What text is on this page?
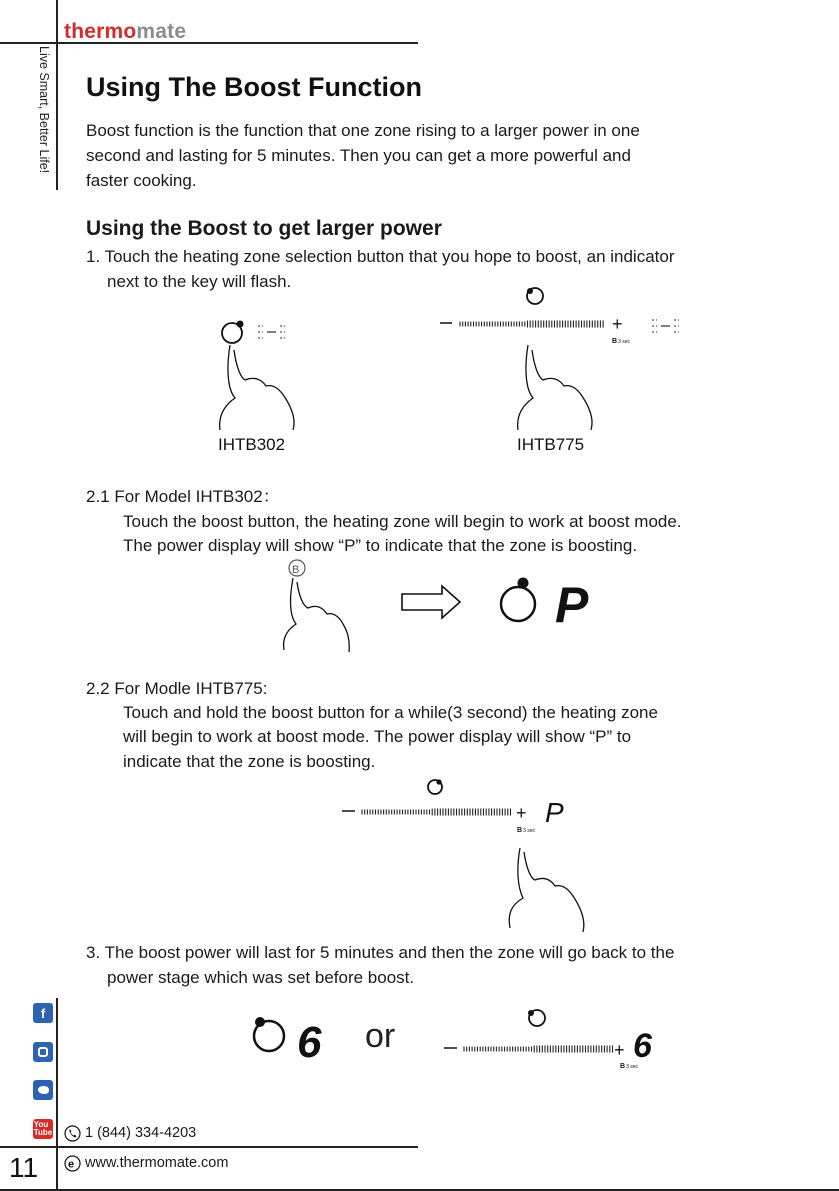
thermomate
Live Smart, Better Life! Using The Boost Function

Boost function is the function that one zone rising to a larger power in one

second and lasting for 5 minutes. Then you can get a more powerful and

faster cooking.

Using the Boost to get larger power

1. Touch the heating zone selection button that you hope to boost, an indicator

next to the key will flash.

+
B3 sec
IHTB302	IHTB775

2.1 For Model IHTB302：

Touch the boost button, the heating zone will begin to work at boost mode.

The power display will show “P” to indicate that the zone is boosting.

B
P

2.2 For Modle IHTB775:

Touch and hold the boost button for a while(3 second) the heating zone

will begin to work at boost mode. The power display will show “P” to

indicate that the zone is boosting.

+
B3 sec
P

3. The boost power will last for 5 minutes and then the zone will go back to the

power stage which was set before boost.

6 or	+
B3 sec
6
f
You
Tube 1 (844) 334-4203
e www.thermomate.com
11
